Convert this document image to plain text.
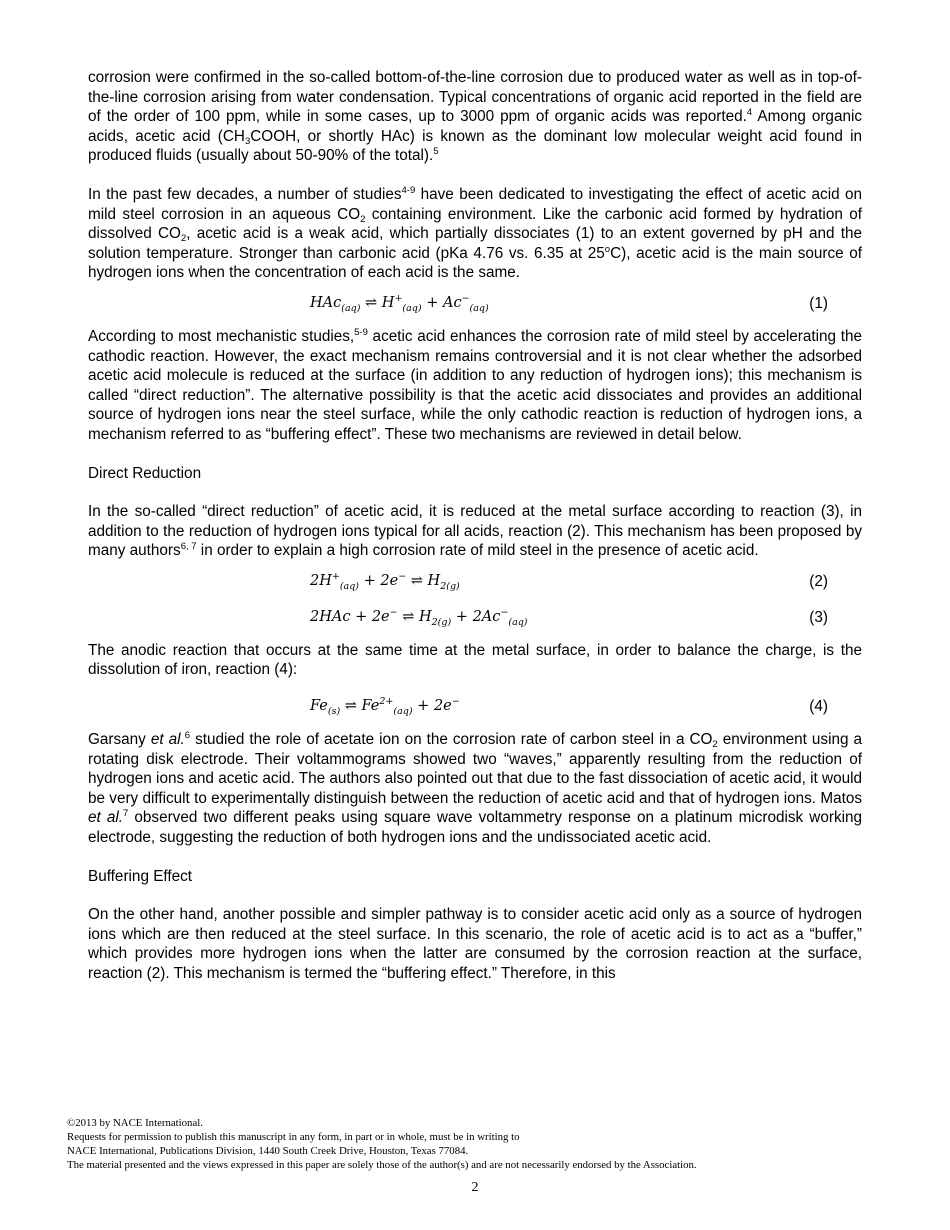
corrosion were confirmed in the so-called bottom-of-the-line corrosion due to produced water as well as in top-of-the-line corrosion arising from water condensation. Typical concentrations of organic acid reported in the field are of the order of 100 ppm, while in some cases, up to 3000 ppm of organic acids was reported.$^4$ Among organic acids, acetic acid ($CH_3COOH$, or shortly HAc) is known as the dominant low molecular weight acid found in produced fluids (usually about 50-90% of the total).$^5$

In the past few decades, a number of studies$^{4-9}$ have been dedicated to investigating the effect of acetic acid on mild steel corrosion in an aqueous $CO_2$ containing environment. Like the carbonic acid formed by hydration of dissolved $CO_2$, acetic acid is a weak acid, which partially dissociates (1) to an extent governed by pH and the solution temperature. Stronger than carbonic acid (pKa 4.76 vs. 6.35 at 25$^o$C), acetic acid is the main source of hydrogen ions when the concentration of each acid is the same.

HAc$_{(aq)}$ ⇌ $H^+_{(aq)} + Ac^-_{(aq)}$	(1)

According to most mechanistic studies,$^{5-9}$ acetic acid enhances the corrosion rate of mild steel by accelerating the cathodic reaction. However, the exact mechanism remains controversial and it is not clear whether the adsorbed acetic acid molecule is reduced at the surface (in addition to any reduction of hydrogen ions); this mechanism is called “direct reduction”. The alternative possibility is that the acetic acid dissociates and provides an additional source of hydrogen ions near the steel surface, while the only cathodic reaction is reduction of hydrogen ions, a mechanism referred to as “buffering effect”. These two mechanisms are reviewed in detail below.

Direct Reduction

In the so-called “direct reduction” of acetic acid, it is reduced at the metal surface according to reaction (3), in addition to the reduction of hydrogen ions typical for all acids, reaction (2). This mechanism has been proposed by many authors$^{6, 7}$ in order to explain a high corrosion rate of mild steel in the presence of acetic acid.

$2H^+_{(aq)} + 2e^-$ ⇌ $H_{2(g)}$	(2)
2HAc + 2e− ⇌ $H_{2(g)} + 2Ac^-_{(aq)}$	(3)

The anodic reaction that occurs at the same time at the metal surface, in order to balance the charge, is the dissolution of iron, reaction (4):

$Fe_{(s)}$ ⇌ $Fe^{2+}_{(aq)} + 2e^-$	(4)

Garsany et al.$^6$ studied the role of acetate ion on the corrosion rate of carbon steel in a $CO_2$ environment using a rotating disk electrode. Their voltammograms showed two “waves,” apparently resulting from the reduction of hydrogen ions and acetic acid. The authors also pointed out that due to the fast dissociation of acetic acid, it would be very difficult to experimentally distinguish between the reduction of acetic acid and that of hydrogen ions. Matos et al.$^7$ observed two different peaks using square wave voltammetry response on a platinum microdisk working electrode, suggesting the reduction of both hydrogen ions and the undissociated acetic acid.

Buffering Effect

On the other hand, another possible and simpler pathway is to consider acetic acid only as a source of hydrogen ions which are then reduced at the steel surface. In this scenario, the role of acetic acid is to act as a “buffer,” which provides more hydrogen ions when the latter are consumed by the corrosion reaction at the surface, reaction (2). This mechanism is termed the “buffering effect.” Therefore, in this

©2013 by NACE International.
Requests for permission to publish this manuscript in any form, in part or in whole, must be in writing to
NACE International, Publications Division, 1440 South Creek Drive, Houston, Texas 77084.
The material presented and the views expressed in this paper are solely those of the author(s) and are not necessarily endorsed by the Association.
2
